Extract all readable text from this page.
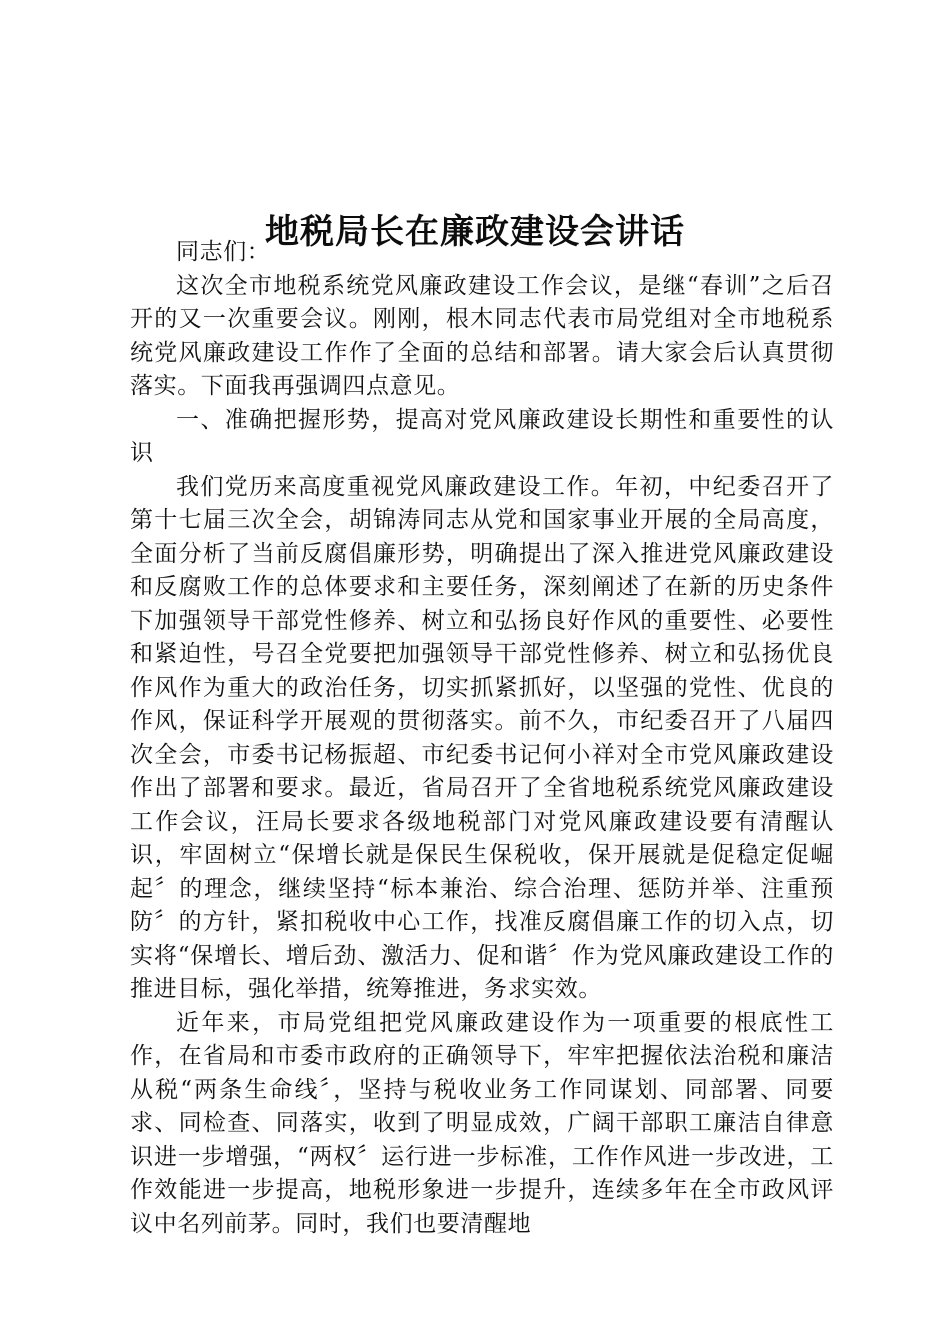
地税局长在廉政建设会讲话

同志们：

这次全市地税系统党风廉政建设工作会议，是继“春训”之后召开的又一次重要会议。刚刚，根木同志代表市局党组对全市地税系统党风廉政建设工作作了全面的总结和部署。请大家会后认真贯彻落实。下面我再强调四点意见。

一、准确把握形势，提高对党风廉政建设长期性和重要性的认识

我们党历来高度重视党风廉政建设工作。年初，中纪委召开了第十七届三次全会，胡锦涛同志从党和国家事业开展的全局高度，全面分析了当前反腐倡廉形势，明确提出了深入推进党风廉政建设和反腐败工作的总体要求和主要任务，深刻阐述了在新的历史条件下加强领导干部党性修养、树立和弘扬良好作风的重要性、必要性和紧迫性，号召全党要把加强领导干部党性修养、树立和弘扬优良作风作为重大的政治任务，切实抓紧抓好，以坚强的党性、优良的作风，保证科学开展观的贯彻落实。前不久，市纪委召开了八届四次全会，市委书记杨振超、市纪委书记何小祥对全市党风廉政建设作出了部署和要求。最近，省局召开了全省地税系统党风廉政建设工作会议，汪局长要求各级地税部门对党风廉政建设要有清醒认识，牢固树立“保增长就是保民生保税收，保开展就是促稳定促崛起〞的理念，继续坚持“标本兼治、综合治理、惩防并举、注重预防〞的方针，紧扣税收中心工作，找准反腐倡廉工作的切入点，切实将“保增长、增后劲、激活力、促和谐〞作为党风廉政建设工作的推进目标，强化举措，统筹推进，务求实效。

近年来，市局党组把党风廉政建设作为一项重要的根底性工作，在省局和市委市政府的正确领导下，牢牢把握依法治税和廉洁从税“两条生命线〞，坚持与税收业务工作同谋划、同部署、同要求、同检查、同落实，收到了明显成效，广阔干部职工廉洁自律意识进一步增强，“两权〞运行进一步标准，工作作风进一步改进，工作效能进一步提高，地税形象进一步提升，连续多年在全市政风评议中名列前茅。同时，我们也要清醒地
